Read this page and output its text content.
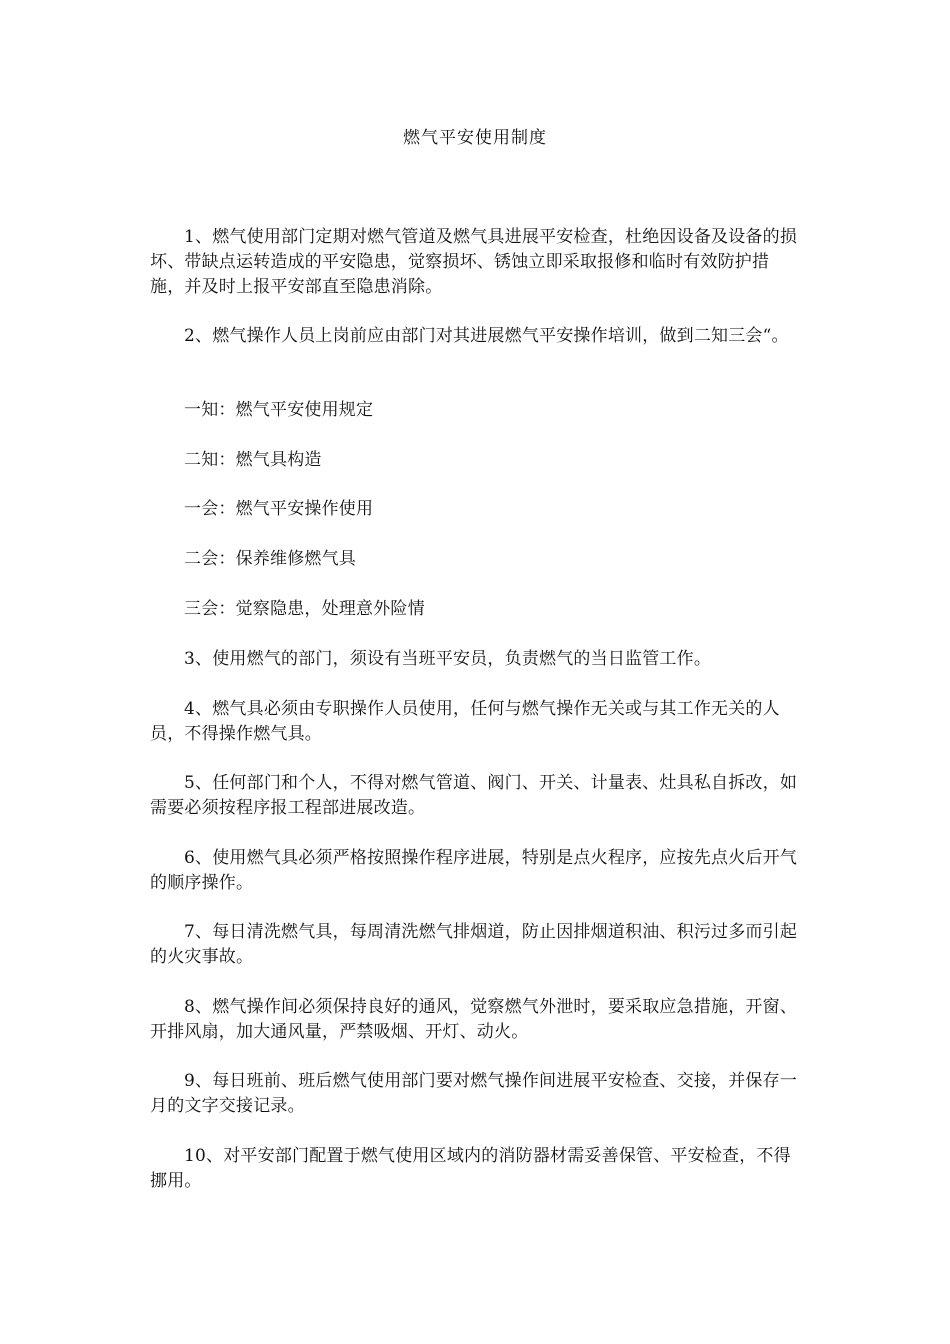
燃气平安使用制度
1、燃气使用部门定期对燃气管道及燃气具进展平安检查，杜绝因设备及设备的损坏、带缺点运转造成的平安隐患，觉察损坏、锈蚀立即采取报修和临时有效防护措施，并及时上报平安部直至隐患消除。
2、燃气操作人员上岗前应由部门对其进展燃气平安操作培训，做到二知三会“。
一知：燃气平安使用规定
二知：燃气具构造
一会：燃气平安操作使用
二会：保养维修燃气具
三会：觉察隐患，处理意外险情
3、使用燃气的部门，须设有当班平安员，负责燃气的当日监管工作。
4、燃气具必须由专职操作人员使用，任何与燃气操作无关或与其工作无关的人员，不得操作燃气具。
5、任何部门和个人，不得对燃气管道、阀门、开关、计量表、灶具私自拆改，如需要必须按程序报工程部进展改造。
6、使用燃气具必须严格按照操作程序进展，特别是点火程序，应按先点火后开气的顺序操作。
7、每日清洗燃气具，每周清洗燃气排烟道，防止因排烟道积油、积污过多而引起的火灾事故。
8、燃气操作间必须保持良好的通风，觉察燃气外泄时，要采取应急措施，开窗、开排风扇，加大通风量，严禁吸烟、开灯、动火。
9、每日班前、班后燃气使用部门要对燃气操作间进展平安检查、交接，并保存一月的文字交接记录。
10、对平安部门配置于燃气使用区域内的消防器材需妥善保管、平安检查，不得挪用。
